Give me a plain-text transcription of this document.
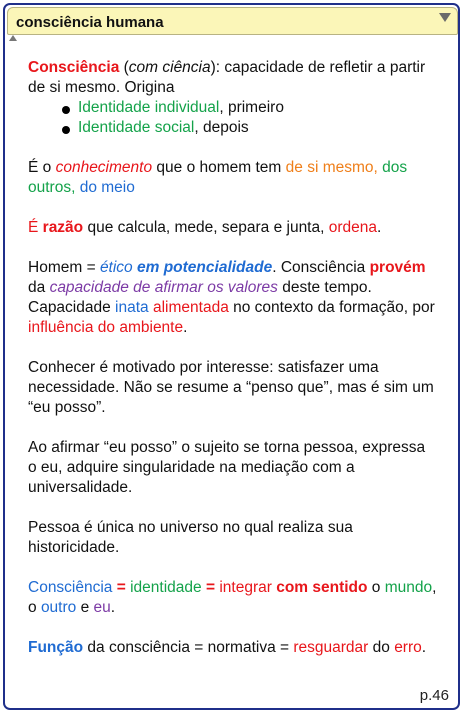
consciência humana

Consciência (com ciência): capacidade de refletir a partir de si mesmo. Origina

Identidade individual, primeiro
Identidade social, depois

É o conhecimento que o homem tem de si mesmo, dos outros, do meio

É razão que calcula, mede, separa e junta, ordena.

Homem = ético em potencialidade. Consciência provém da capacidade de afirmar os valores deste tempo. Capacidade inata alimentada no contexto da formação, por influência do ambiente.

Conhecer é motivado por interesse: satisfazer uma necessidade. Não se resume a “penso que”, mas é sim um “eu posso”.

Ao afirmar “eu posso” o sujeito se torna pessoa, expressa o eu, adquire singularidade na mediação com a universalidade.

Pessoa é única no universo no qual realiza sua historicidade.

Consciência = identidade = integrar com sentido o mundo, o outro e eu.

Função da consciência = normativa = resguardar do erro.

p.46
